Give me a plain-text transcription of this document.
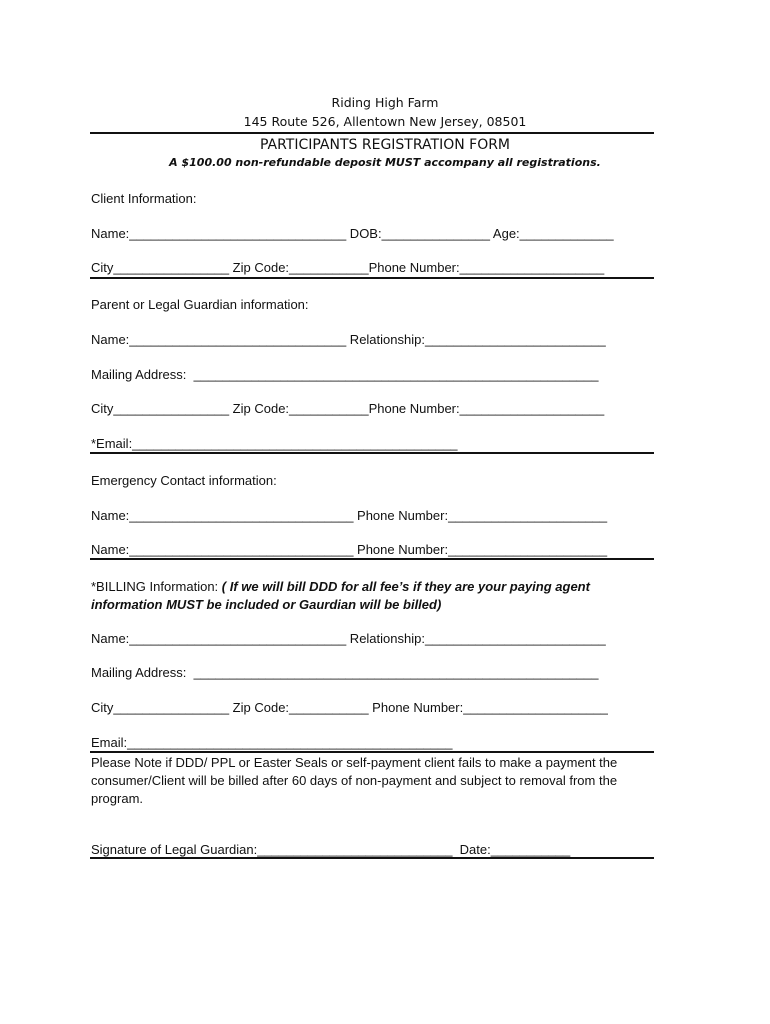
Riding High Farm
145 Route 526, Allentown New Jersey, 08501
PARTICIPANTS REGISTRATION FORM
A $100.00 non-refundable deposit MUST accompany all registrations.
Client Information:
Name:______________________________ DOB:_______________ Age:_____________
City________________ Zip Code:___________Phone Number:____________________
Parent or Legal Guardian information:
Name:______________________________ Relationship:_________________________
Mailing Address:  ________________________________________________________
City________________ Zip Code:___________Phone Number:____________________
*Email:_____________________________________________
Emergency Contact information:
Name:_______________________________ Phone Number:______________________
Name:_______________________________ Phone Number:______________________
*BILLING Information: ( If we will bill DDD for all fee’s if they are your paying agent
information MUST be included or Gaurdian will be billed)
Name:______________________________ Relationship:_________________________
Mailing Address:  ________________________________________________________
City________________ Zip Code:___________ Phone Number:____________________
Email:_____________________________________________
Please Note if DDD/ PPL or Easter Seals or self-payment client fails to make a payment the
consumer/Client will be billed after 60 days of non-payment and subject to removal from the
program.
Signature of Legal Guardian:___________________________  Date:___________
